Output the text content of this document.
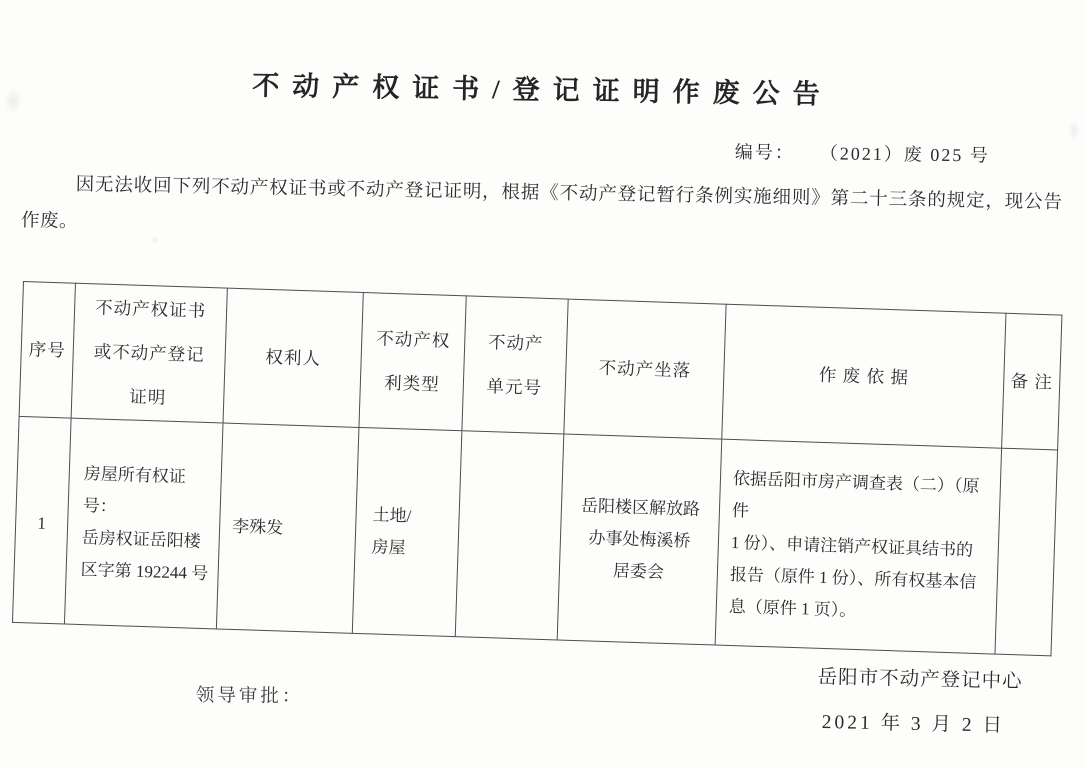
不动产权证书/登记证明作废公告
编号： （2021）废 025 号
因无法收回下列不动产权证书或不动产登记证明，根据《不动产登记暂行条例实施细则》第二十三条的规定，现公告作废。
序号	不动产权证书
或不动产登记
证明	权利人	不动产权
利类型	不动产
单元号	不动产坐落	作 废 依 据	备 注
1	房屋所有权证号：
岳房权证岳阳楼
区字第 192244 号	李殊发	土地/
房屋		岳阳楼区解放路
办事处梅溪桥
居委会	依据岳阳市房产调查表（二）（原件
1 份）、申请注销产权证具结书的
报告（原件 1 份）、所有权基本信
息（原件 1 页）。	
领导审批：
岳阳市不动产登记中心
2021 年 3 月 2 日
